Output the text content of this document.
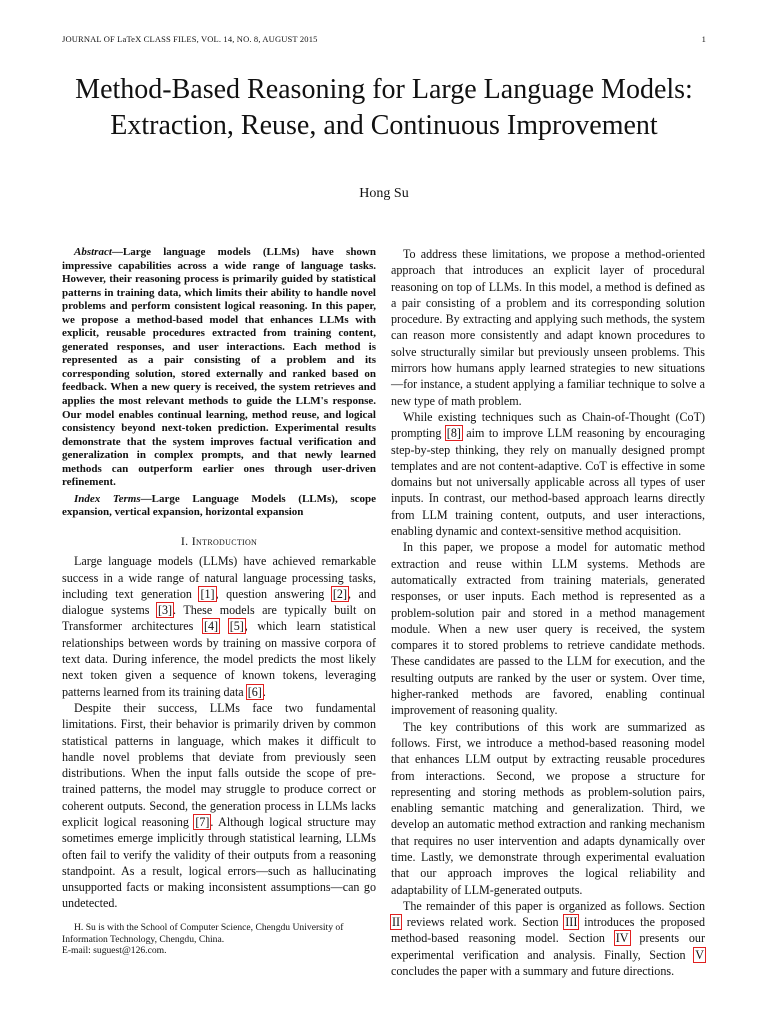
JOURNAL OF LaTeX CLASS FILES, VOL. 14, NO. 8, AUGUST 2015	1
Method-Based Reasoning for Large Language Models: Extraction, Reuse, and Continuous Improvement
Hong Su

Abstract—Large language models (LLMs) have shown impressive capabilities across a wide range of language tasks. However, their reasoning process is primarily guided by statistical patterns in training data, which limits their ability to handle novel problems and perform consistent logical reasoning. In this paper, we propose a method-based model that enhances LLMs with explicit, reusable procedures extracted from training content, generated responses, and user interactions. Each method is represented as a pair consisting of a problem and its corresponding solution, stored externally and ranked based on feedback. When a new query is received, the system retrieves and applies the most relevant methods to guide the LLM's response. Our model enables continual learning, method reuse, and logical consistency beyond next-token prediction. Experimental results demonstrate that the system improves factual verification and generalization in complex prompts, and that newly learned methods can outperform earlier ones through user-driven refinement.

Index Terms—Large Language Models (LLMs), scope expansion, vertical expansion, horizontal expansion

I. Introduction

Large language models (LLMs) have achieved remarkable success in a wide range of natural language processing tasks, including text generation [1], question answering [2], and dialogue systems [3]. These models are typically built on Transformer architectures [4] [5], which learn statistical relationships between words by training on massive corpora of text data. During inference, the model predicts the most likely next token given a sequence of known tokens, leveraging patterns learned from its training data [6].

Despite their success, LLMs face two fundamental limitations. First, their behavior is primarily driven by common statistical patterns in language, which makes it difficult to handle novel problems that deviate from previously seen distributions. When the input falls outside the scope of pre-trained patterns, the model may struggle to produce correct or coherent outputs. Second, the generation process in LLMs lacks explicit logical reasoning [7]. Although logical structure may sometimes emerge implicitly through statistical learning, LLMs often fail to verify the validity of their outputs from a reasoning standpoint. As a result, logical errors—such as hallucinating unsupported facts or making inconsistent assumptions—can go undetected.

H. Su is with the School of Computer Science, Chengdu University of Information Technology, Chengdu, China.
E-mail: suguest@126.com.

To address these limitations, we propose a method-oriented approach that introduces an explicit layer of procedural reasoning on top of LLMs. In this model, a method is defined as a pair consisting of a problem and its corresponding solution procedure. By extracting and applying such methods, the system can reason more consistently and adapt known procedures to solve structurally similar but previously unseen problems. This mirrors how humans apply learned strategies to new situations—for instance, a student applying a familiar technique to solve a new type of math problem.

While existing techniques such as Chain-of-Thought (CoT) prompting [8] aim to improve LLM reasoning by encouraging step-by-step thinking, they rely on manually designed prompt templates and are not content-adaptive. CoT is effective in some domains but not universally applicable across all types of user inputs. In contrast, our method-based approach learns directly from LLM training content, outputs, and user interactions, enabling dynamic and context-sensitive method acquisition.

In this paper, we propose a model for automatic method extraction and reuse within LLM systems. Methods are automatically extracted from training materials, generated responses, or user inputs. Each method is represented as a problem-solution pair and stored in a method management module. When a new user query is received, the system compares it to stored problems to retrieve candidate methods. These candidates are passed to the LLM for execution, and the resulting outputs are ranked by the user or system. Over time, higher-ranked methods are favored, enabling continual improvement of reasoning quality.

The key contributions of this work are summarized as follows. First, we introduce a method-based reasoning model that enhances LLM output by extracting reusable procedures from interactions. Second, we propose a structure for representing and storing methods as problem-solution pairs, enabling semantic matching and generalization. Third, we develop an automatic method extraction and ranking mechanism that requires no user intervention and adapts dynamically over time. Lastly, we demonstrate through experimental evaluation that our approach improves the logical reliability and adaptability of LLM-generated outputs.

The remainder of this paper is organized as follows. Section II reviews related work. Section III introduces the proposed method-based reasoning model. Section IV presents our experimental verification and analysis. Finally, Section V concludes the paper with a summary and future directions.
